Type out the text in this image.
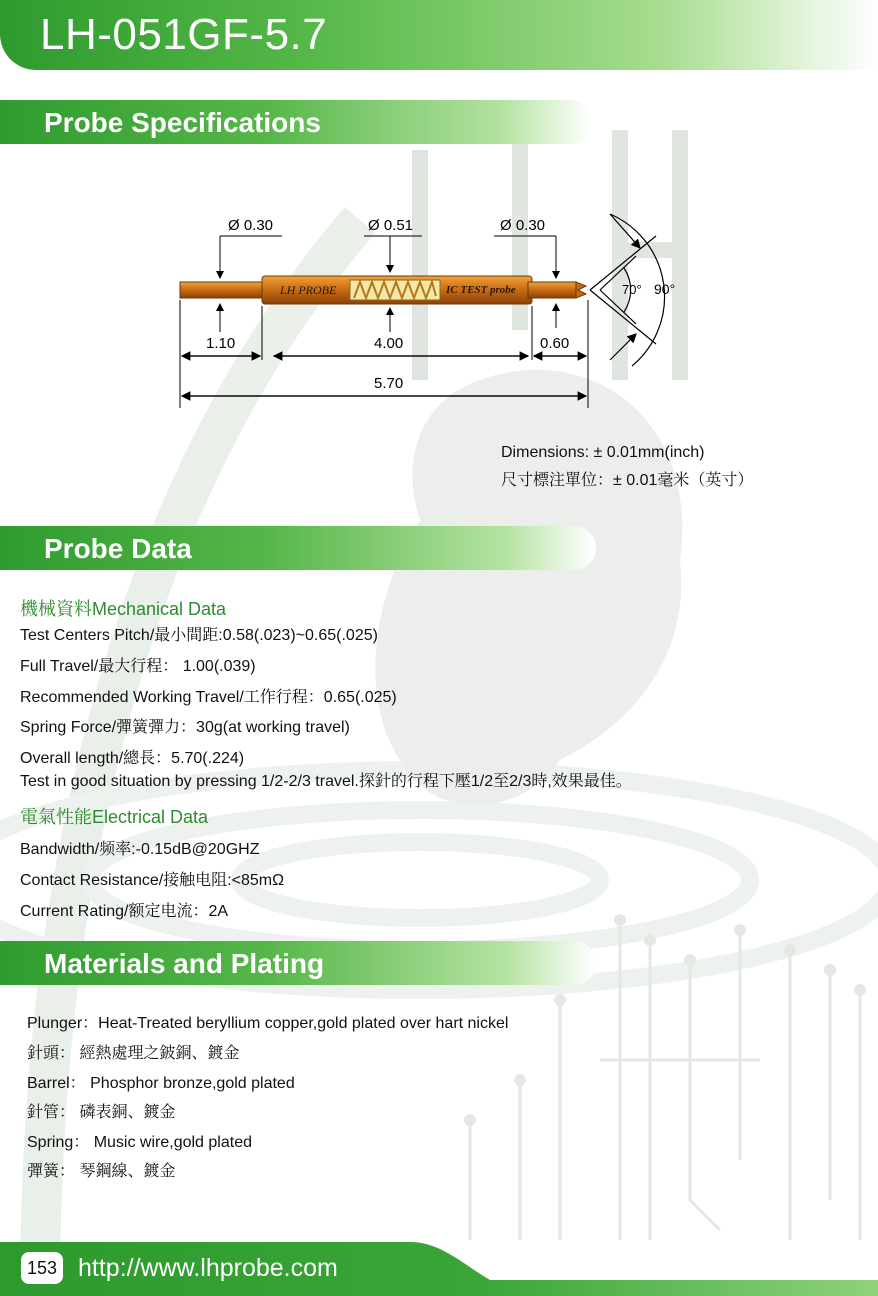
LH-051GF-5.7
Probe Specifications
LH PROBE	IC TEST probe
Ø 0.30	Ø 0.51	Ø 0.30
1.10	4.00	0.60
5.70
70° 90°
Dimensions: ± 0.01mm(inch)
尺寸標注單位：± 0.01毫米（英寸）
Probe Data
機械資料Mechanical Data
Test Centers Pitch/最小間距:0.58(.023)~0.65(.025)
Full Travel/最大行程： 1.00(.039)
Recommended Working Travel/工作行程：0.65(.025)
Spring Force/彈簧彈力：30g(at working travel)
Overall length/總長：5.70(.224)
Test in good situation by pressing 1/2-2/3 travel.探針的行程下壓1/2至2/3時,效果最佳。
電氣性能Electrical Data
Bandwidth/频率:-0.15dB@20GHZ
Contact Resistance/接触电阻:<85mΩ
Current Rating/额定电流：2A
Materials and Plating
Plunger：Heat-Treated beryllium copper,gold plated over hart nickel
針頭： 經熱處理之鈹銅、鍍金
Barrel： Phosphor bronze,gold plated
針管： 磷表銅、鍍金
Spring： Music wire,gold plated
彈簧： 琴鋼線、鍍金
153 http://www.lhprobe.com
